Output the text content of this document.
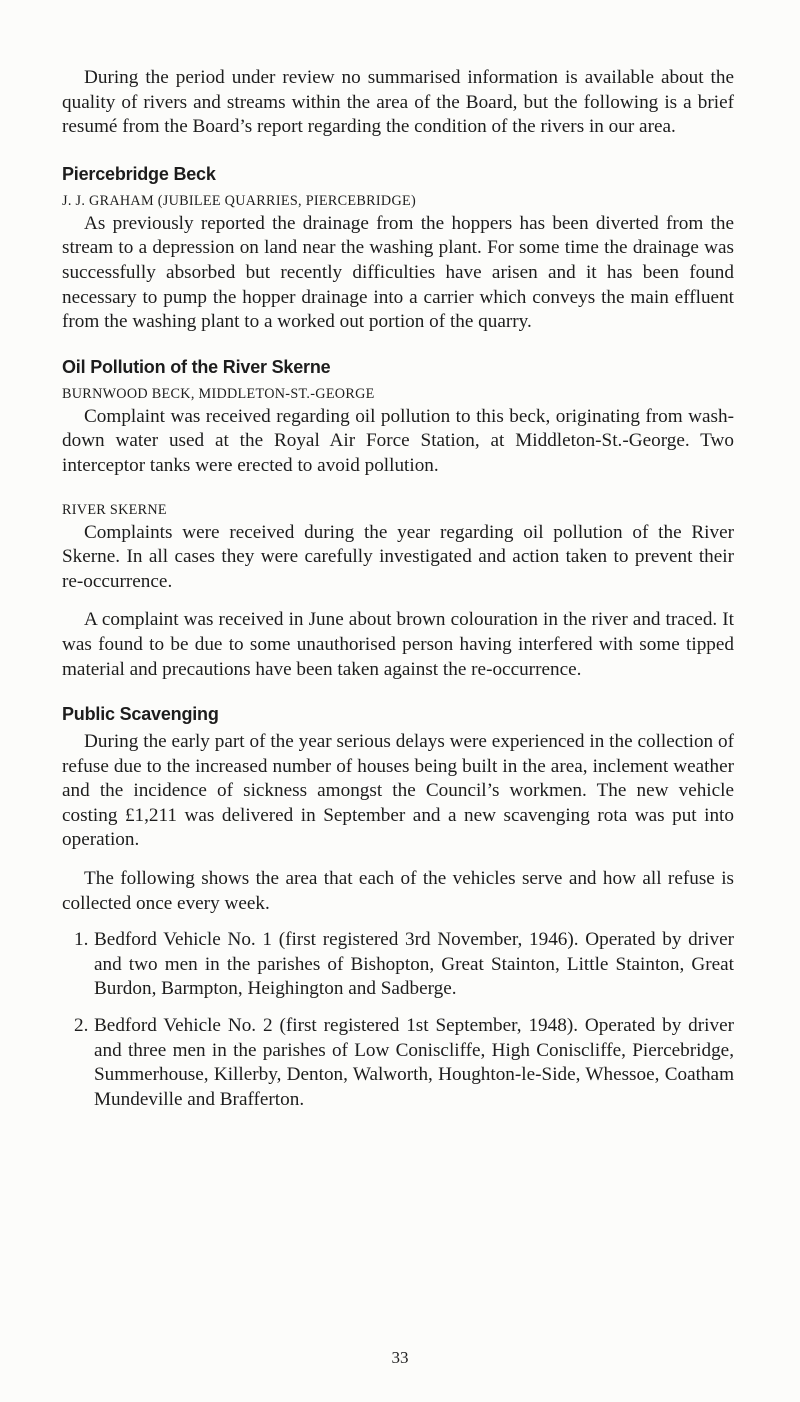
During the period under review no summarised information is available about the quality of rivers and streams within the area of the Board, but the following is a brief resumé from the Board’s report regarding the condition of the rivers in our area.

Piercebridge Beck
J. J. GRAHAM (JUBILEE QUARRIES, PIERCEBRIDGE)

As previously reported the drainage from the hoppers has been diverted from the stream to a depression on land near the washing plant. For some time the drainage was successfully absorbed but recently difficulties have arisen and it has been found necessary to pump the hopper drainage into a carrier which conveys the main effluent from the washing plant to a worked out portion of the quarry.

Oil Pollution of the River Skerne
BURNWOOD BECK, MIDDLETON-ST.-GEORGE

Complaint was received regarding oil pollution to this beck, originating from wash-down water used at the Royal Air Force Station, at Middleton-St.-George. Two interceptor tanks were erected to avoid pollution.

RIVER SKERNE

Complaints were received during the year regarding oil pollution of the River Skerne. In all cases they were carefully investigated and action taken to prevent their re-occurrence.

A complaint was received in June about brown colouration in the river and traced. It was found to be due to some unauthorised person having interfered with some tipped material and precautions have been taken against the re-occurrence.

Public Scavenging

During the early part of the year serious delays were experienced in the collection of refuse due to the increased number of houses being built in the area, inclement weather and the incidence of sickness amongst the Council’s workmen. The new vehicle costing £1,211 was delivered in September and a new scavenging rota was put into operation.

The following shows the area that each of the vehicles serve and how all refuse is collected once every week.

1. Bedford Vehicle No. 1 (first registered 3rd November, 1946). Operated by driver and two men in the parishes of Bishopton, Great Stainton, Little Stainton, Great Burdon, Barmpton, Heighington and Sadberge.

2. Bedford Vehicle No. 2 (first registered 1st September, 1948). Operated by driver and three men in the parishes of Low Coniscliffe, High Coniscliffe, Piercebridge, Summerhouse, Killerby, Denton, Walworth, Houghton-le-Side, Whessoe, Coatham Mundeville and Brafferton.

33
